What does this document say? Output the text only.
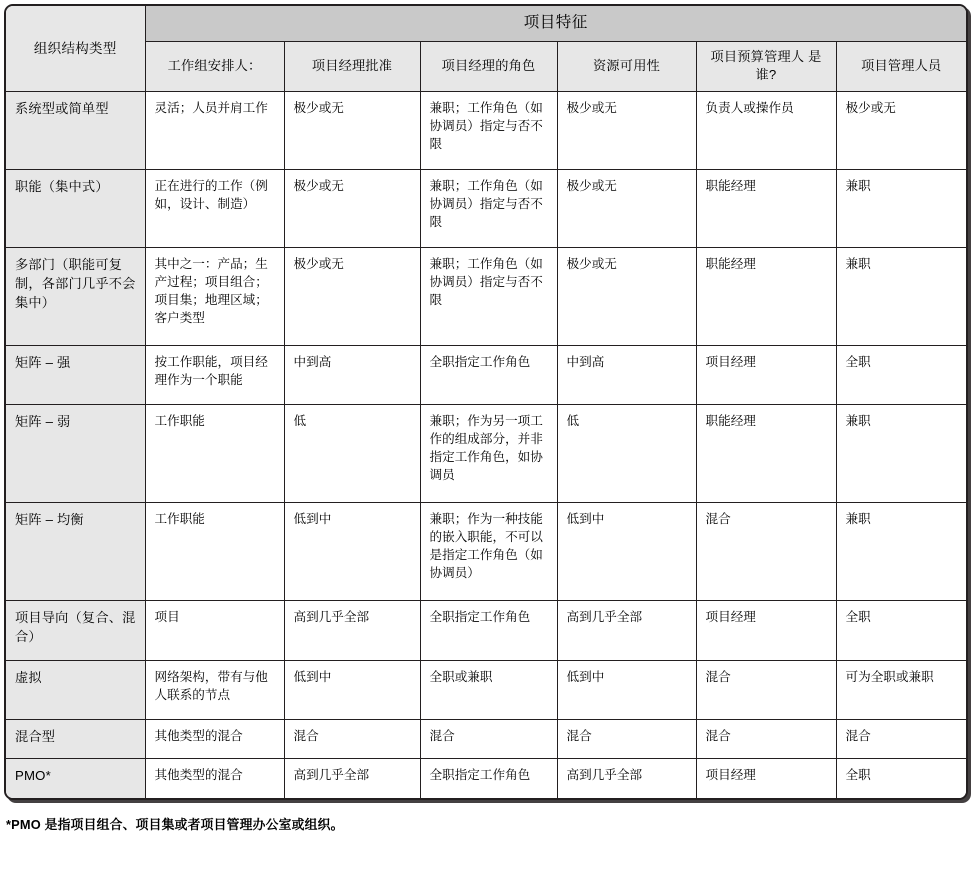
组织结构类型	项目特征					
	工作组安排人：	项目经理批准	项目经理的角色	资源可用性	项目预算管理人 是谁?	项目管理人员
系统型或简单型	灵活；人员并肩工作	极少或无	兼职；工作角色（如协调员）指定与否不限	极少或无	负责人或操作员	极少或无
职能（集中式）	正在进行的工作（例如，设计、制造）	极少或无	兼职；工作角色（如协调员）指定与否不限	极少或无	职能经理	兼职
多部门（职能可复制，各部门几乎不会集中）	其中之一：产品；生产过程；项目组合；项目集；地理区域；客户类型	极少或无	兼职；工作角色（如协调员）指定与否不限	极少或无	职能经理	兼职
矩阵 – 强	按工作职能，项目经理作为一个职能	中到高	全职指定工作角色	中到高	项目经理	全职
矩阵 – 弱	工作职能	低	兼职；作为另一项工作的组成部分，并非指定工作角色，如协调员	低	职能经理	兼职
矩阵 – 均衡	工作职能	低到中	兼职；作为一种技能的嵌入职能，不可以是指定工作角色（如协调员）	低到中	混合	兼职
项目导向（复合、混合）	项目	高到几乎全部	全职指定工作角色	高到几乎全部	项目经理	全职
虚拟	网络架构，带有与他人联系的节点	低到中	全职或兼职	低到中	混合	可为全职或兼职
混合型	其他类型的混合	混合	混合	混合	混合	混合
PMO*	其他类型的混合	高到几乎全部	全职指定工作角色	高到几乎全部	项目经理	全职
*PMO 是指项目组合、项目集或者项目管理办公室或组织。
